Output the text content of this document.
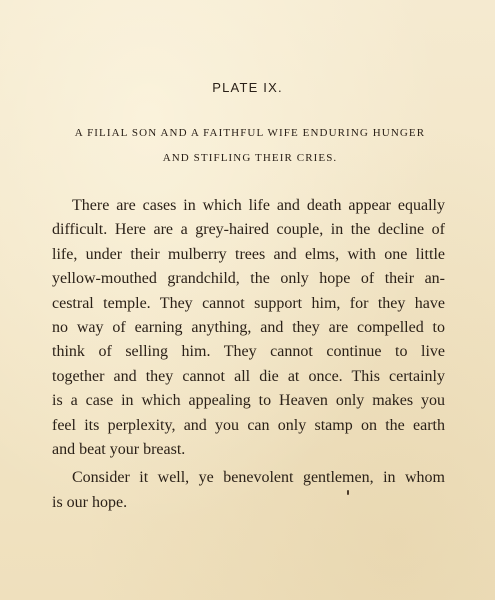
PLATE IX.
A FILIAL SON AND A FAITHFUL WIFE ENDURING HUNGER
AND STIFLING THEIR CRIES.
There are cases in which life and death appear equally
difficult. Here are a grey-haired couple, in the decline of
life, under their mulberry trees and elms, with one little
yellow-mouthed grandchild, the only hope of their an-
cestral temple. They cannot support him, for they have
no way of earning anything, and they are compelled to
think of selling him. They cannot continue to live
together and they cannot all die at once. This certainly
is a case in which appealing to Heaven only makes you
feel its perplexity, and you can only stamp on the earth
and beat your breast.
Consider it well, ye benevolent gentlemen, in whom
is our hope.
